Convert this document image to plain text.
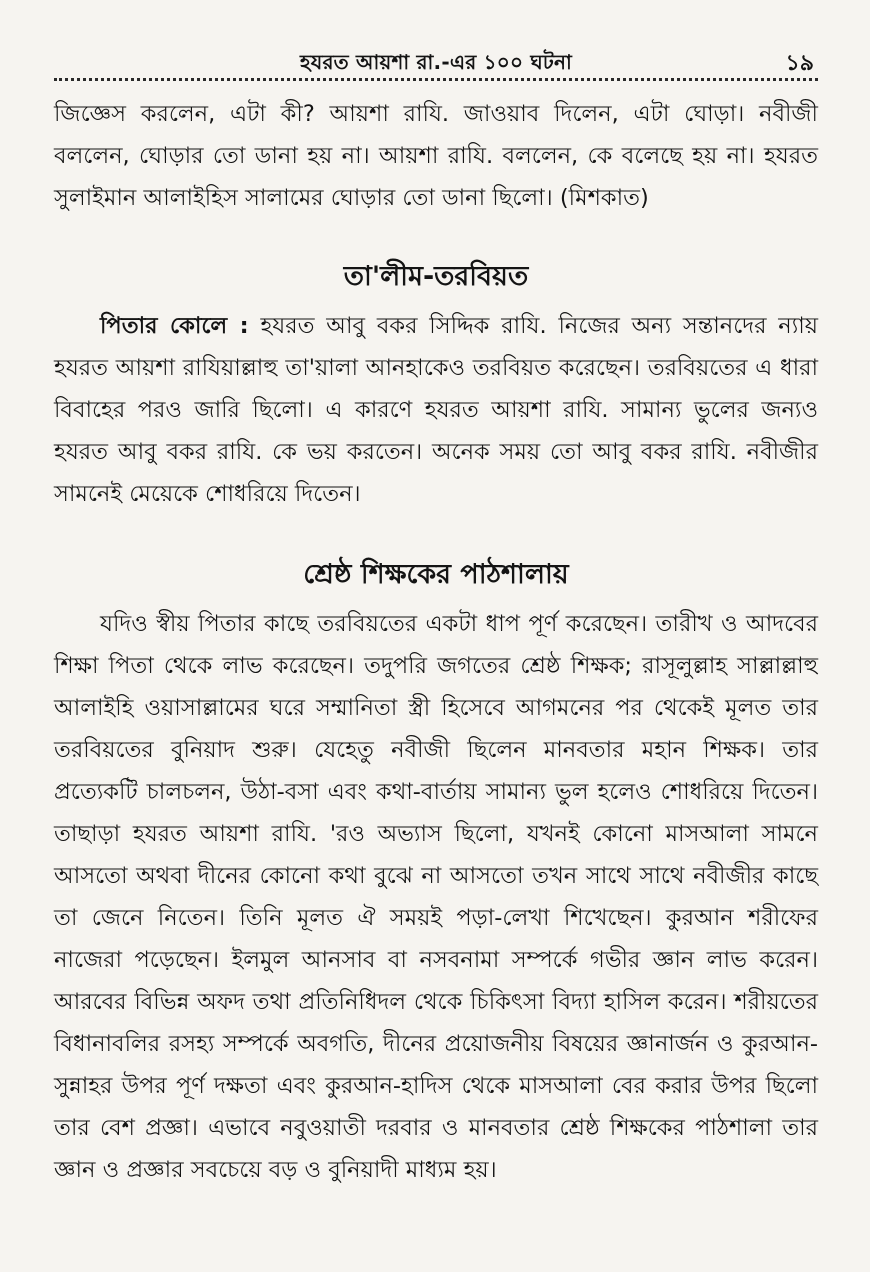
হযরত আয়শা রা.-এর ১০০ ঘটনা	১৯

জিজ্ঞেস করলেন, এটা কী? আয়শা রাযি. জাওয়াব দিলেন, এটা ঘোড়া। নবীজী বললেন, ঘোড়ার তো ডানা হয় না। আয়শা রাযি. বললেন, কে বলেছে হয় না। হযরত সুলাইমান আলাইহিস সালামের ঘোড়ার তো ডানা ছিলো। (মিশকাত)

তা'লীম-তরবিয়ত

পিতার কোলে : হযরত আবু বকর সিদ্দিক রাযি. নিজের অন্য সন্তানদের ন্যায় হযরত আয়শা রাযিয়াল্লাহু তা'য়ালা আনহাকেও তরবিয়ত করেছেন। তরবিয়তের এ ধারা বিবাহের পরও জারি ছিলো। এ কারণে হযরত আয়শা রাযি. সামান্য ভুলের জন্যও হযরত আবু বকর রাযি. কে ভয় করতেন। অনেক সময় তো আবু বকর রাযি. নবীজীর সামনেই মেয়েকে শোধরিয়ে দিতেন।

শ্রেষ্ঠ শিক্ষকের পাঠশালায়

যদিও স্বীয় পিতার কাছে তরবিয়তের একটা ধাপ পূর্ণ করেছেন। তারীখ ও আদবের শিক্ষা পিতা থেকে লাভ করেছেন। তদুপরি জগতের শ্রেষ্ঠ শিক্ষক; রাসূলুল্লাহ সাল্লাল্লাহু আলাইহি ওয়াসাল্লামের ঘরে সম্মানিতা স্ত্রী হিসেবে আগমনের পর থেকেই মূলত তার তরবিয়তের বুনিয়াদ শুরু। যেহেতু নবীজী ছিলেন মানবতার মহান শিক্ষক। তার প্রত্যেকটি চালচলন, উঠা-বসা এবং কথা-বার্তায় সামান্য ভুল হলেও শোধরিয়ে দিতেন। তাছাড়া হযরত আয়শা রাযি. 'রও অভ্যাস ছিলো, যখনই কোনো মাসআলা সামনে আসতো অথবা দীনের কোনো কথা বুঝে না আসতো তখন সাথে সাথে নবীজীর কাছে তা জেনে নিতেন। তিনি মূলত ঐ সময়ই পড়া-লেখা শিখেছেন। কুরআন শরীফের নাজেরা পড়েছেন। ইলমুল আনসাব বা নসবনামা সম্পর্কে গভীর জ্ঞান লাভ করেন। আরবের বিভিন্ন অফদ তথা প্রতিনিধিদল থেকে চিকিৎসা বিদ্যা হাসিল করেন। শরীয়তের বিধানাবলির রসহ্য সম্পর্কে অবগতি, দীনের প্রয়োজনীয় বিষয়ের জ্ঞানার্জন ও কুরআন-সুন্নাহর উপর পূর্ণ দক্ষতা এবং কুরআন-হাদিস থেকে মাসআলা বের করার উপর ছিলো তার বেশ প্রজ্ঞা। এভাবে নবুওয়াতী দরবার ও মানবতার শ্রেষ্ঠ শিক্ষকের পাঠশালা তার জ্ঞান ও প্রজ্ঞার সবচেয়ে বড় ও বুনিয়াদী মাধ্যম হয়।
